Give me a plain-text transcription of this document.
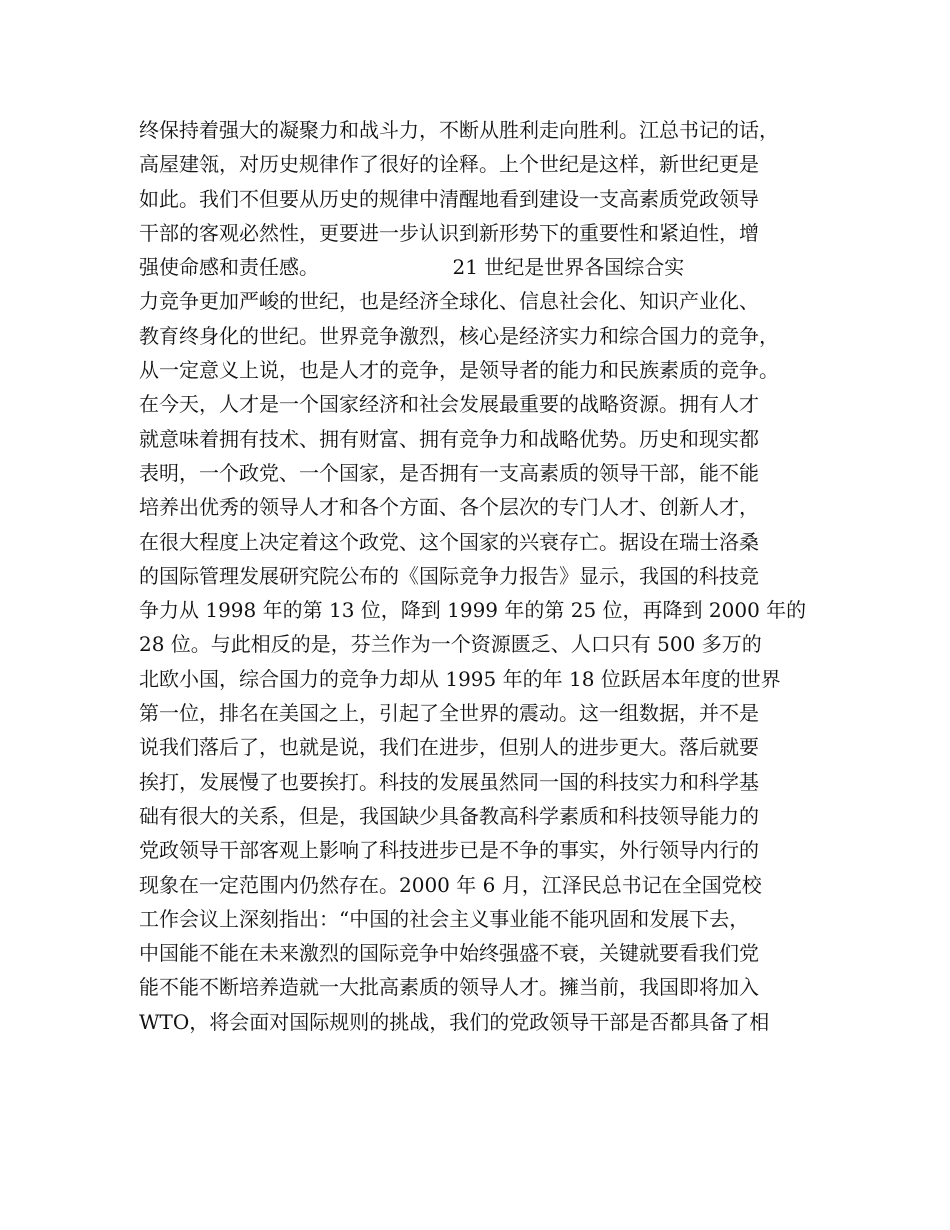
终保持着强大的凝聚力和战斗力，不断从胜利走向胜利。江总书记的话，
高屋建瓴，对历史规律作了很好的诠释。上个世纪是这样，新世纪更是
如此。我们不但要从历史的规律中清醒地看到建设一支高素质党政领导
干部的客观必然性，更要进一步认识到新形势下的重要性和紧迫性，增
强使命感和责任感。                     21 世纪是世界各国综合实
力竞争更加严峻的世纪，也是经济全球化、信息社会化、知识产业化、
教育终身化的世纪。世界竞争激烈，核心是经济实力和综合国力的竞争，
从一定意义上说，也是人才的竞争，是领导者的能力和民族素质的竞争。
在今天，人才是一个国家经济和社会发展最重要的战略资源。拥有人才
就意味着拥有技术、拥有财富、拥有竞争力和战略优势。历史和现实都
表明，一个政党、一个国家，是否拥有一支高素质的领导干部，能不能
培养出优秀的领导人才和各个方面、各个层次的专门人才、创新人才，
在很大程度上决定着这个政党、这个国家的兴衰存亡。据设在瑞士洛桑
的国际管理发展研究院公布的《国际竞争力报告》显示，我国的科技竞
争力从 1998 年的第 13 位，降到 1999 年的第 25 位，再降到 2000 年的
28 位。与此相反的是，芬兰作为一个资源匮乏、人口只有 500 多万的
北欧小国，综合国力的竞争力却从 1995 年的年 18 位跃居本年度的世界
第一位，排名在美国之上，引起了全世界的震动。这一组数据，并不是
说我们落后了，也就是说，我们在进步，但别人的进步更大。落后就要
挨打，发展慢了也要挨打。科技的发展虽然同一国的科技实力和科学基
础有很大的关系，但是，我国缺少具备教高科学素质和科技领导能力的
党政领导干部客观上影响了科技进步已是不争的事实，外行领导内行的
现象在一定范围内仍然存在。2000 年 6 月，江泽民总书记在全国党校
工作会议上深刻指出：“中国的社会主义事业能不能巩固和发展下去，
中国能不能在未来激烈的国际竞争中始终强盛不衰，关键就要看我们党
能不能不断培养造就一大批高素质的领导人才。擁当前，我国即将加入
WTO，将会面对国际规则的挑战，我们的党政领导干部是否都具备了相
